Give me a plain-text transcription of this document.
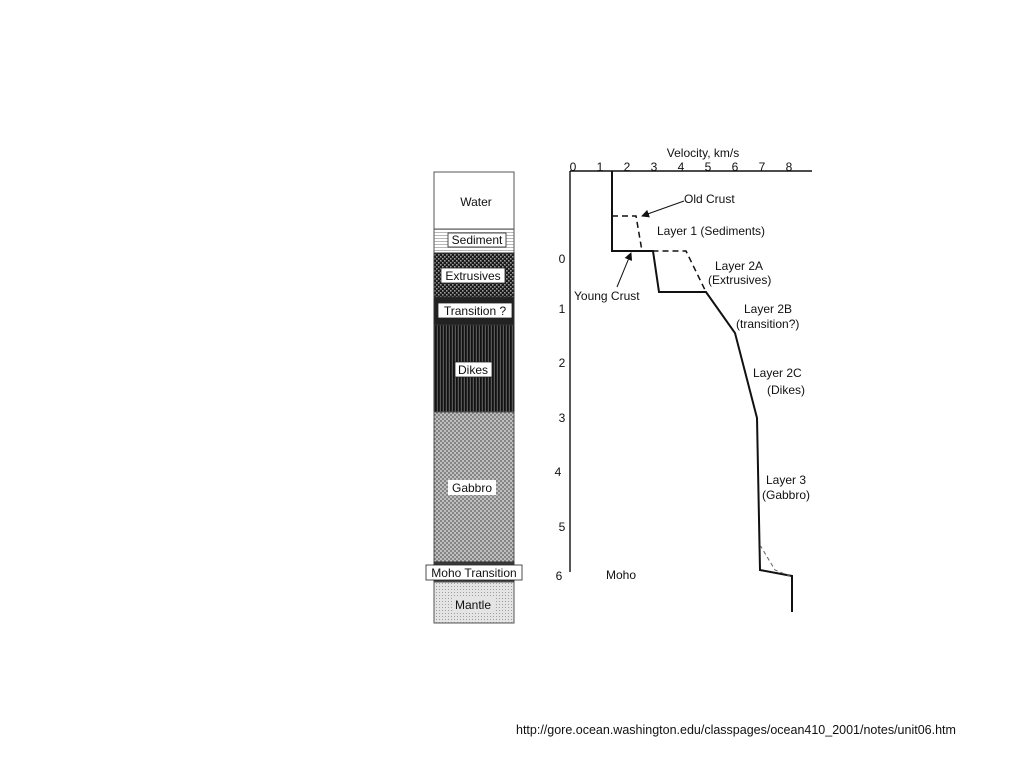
Water
Sediment
Extrusives
Transition ?
Dikes
Gabbro
Moho Transition
Mantle
Velocity, km/s
0 1 2 3 4 5 6 7 8
0
1
2
3
4
5
6
Old Crust
Young Crust
Layer 1 (Sediments)
Layer 2A
(Extrusives)
Layer 2B
(transition?)
Layer 2C
(Dikes)
Layer 3
(Gabbro)
Moho
http://gore.ocean.washington.edu/classpages/ocean410_2001/notes/unit06.htm
